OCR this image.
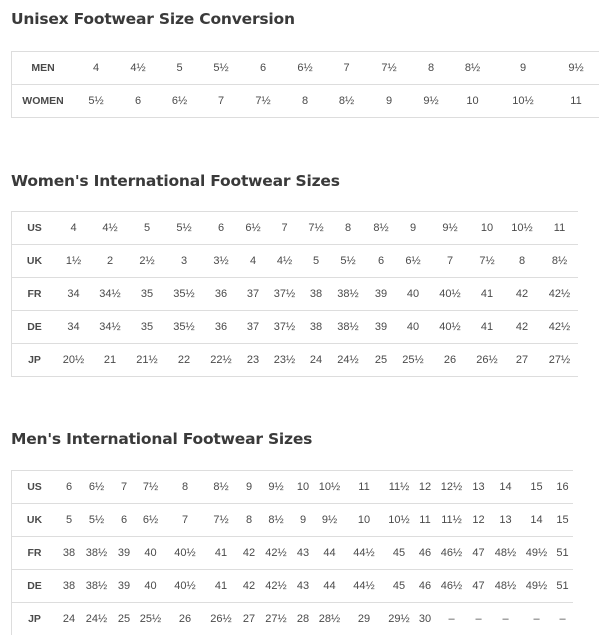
Unisex Footwear Size Conversion
MEN	4	4½	5	5½	6	6½	7	7½	8	8½	9	9½
WOMEN	5½	6	6½	7	7½	8	8½	9	9½	10	10½	11
Women's International Footwear Sizes
US	4	4½	5	5½	6	6½	7	7½	8	8½	9	9½	10	10½	11
UK	1½	2	2½	3	3½	4	4½	5	5½	6	6½	7	7½	8	8½
FR	34	34½	35	35½	36	37	37½	38	38½	39	40	40½	41	42	42½
DE	34	34½	35	35½	36	37	37½	38	38½	39	40	40½	41	42	42½
JP	20½	21	21½	22	22½	23	23½	24	24½	25	25½	26	26½	27	27½
Men's International Footwear Sizes
US	6	6½	7	7½	8	8½	9	9½	10	10½	11	11½	12	12½	13	14	15	16
UK	5	5½	6	6½	7	7½	8	8½	9	9½	10	10½	11	11½	12	13	14	15
FR	38	38½	39	40	40½	41	42	42½	43	44	44½	45	46	46½	47	48½	49½	51
DE	38	38½	39	40	40½	41	42	42½	43	44	44½	45	46	46½	47	48½	49½	51
JP	24	24½	25	25½	26	26½	27	27½	28	28½	29	29½	30	–	–	–	–	–
